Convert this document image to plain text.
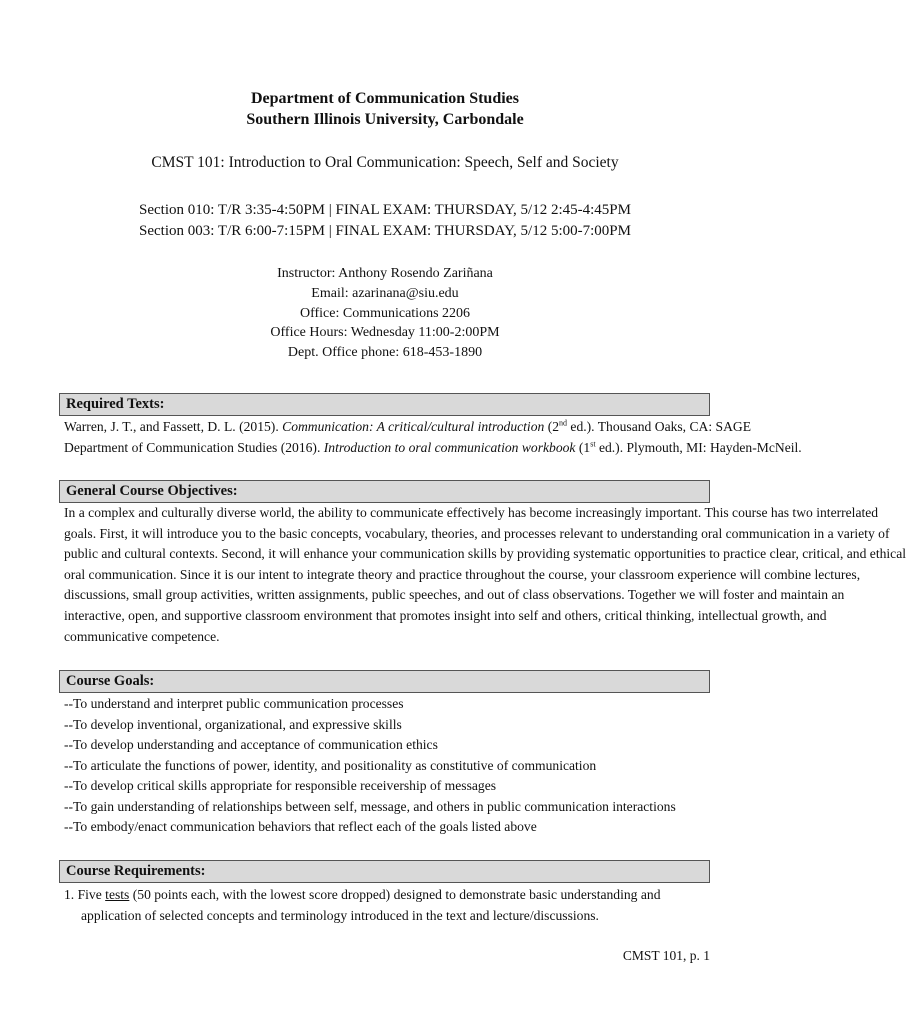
Department of Communication Studies
Southern Illinois University, Carbondale
CMST 101: Introduction to Oral Communication: Speech, Self and Society
Section 010: T/R 3:35-4:50PM | FINAL EXAM: THURSDAY, 5/12 2:45-4:45PM
Section 003: T/R 6:00-7:15PM | FINAL EXAM: THURSDAY, 5/12 5:00-7:00PM
Instructor: Anthony Rosendo Zariñana
Email: azarinana@siu.edu
Office: Communications 2206
Office Hours: Wednesday 11:00-2:00PM
Dept. Office phone: 618-453-1890
Required Texts:
Warren, J. T., and Fassett, D. L. (2015). Communication: A critical/cultural introduction (2nd ed.). Thousand Oaks, CA: SAGE
Department of Communication Studies (2016). Introduction to oral communication workbook (1st ed.). Plymouth, MI: Hayden-McNeil.
General Course Objectives:
In a complex and culturally diverse world, the ability to communicate effectively has become increasingly important. This course has two interrelated
goals. First, it will introduce you to the basic concepts, vocabulary, theories, and processes relevant to understanding oral communication in a variety of
public and cultural contexts. Second, it will enhance your communication skills by providing systematic opportunities to practice clear, critical, and ethical
oral communication. Since it is our intent to integrate theory and practice throughout the course, your classroom experience will combine lectures,
discussions, small group activities, written assignments, public speeches, and out of class observations. Together we will foster and maintain an
interactive, open, and supportive classroom environment that promotes insight into self and others, critical thinking, intellectual growth, and
communicative competence.
Course Goals:
--To understand and interpret public communication processes
--To develop inventional, organizational, and expressive skills
--To develop understanding and acceptance of communication ethics
--To articulate the functions of power, identity, and positionality as constitutive of communication
--To develop critical skills appropriate for responsible receivership of messages
--To gain understanding of relationships between self, message, and others in public communication interactions
--To embody/enact communication behaviors that reflect each of the goals listed above
Course Requirements:
1. Five tests (50 points each, with the lowest score dropped) designed to demonstrate basic understanding and
application of selected concepts and terminology introduced in the text and lecture/discussions.
CMST 101, p. 1
